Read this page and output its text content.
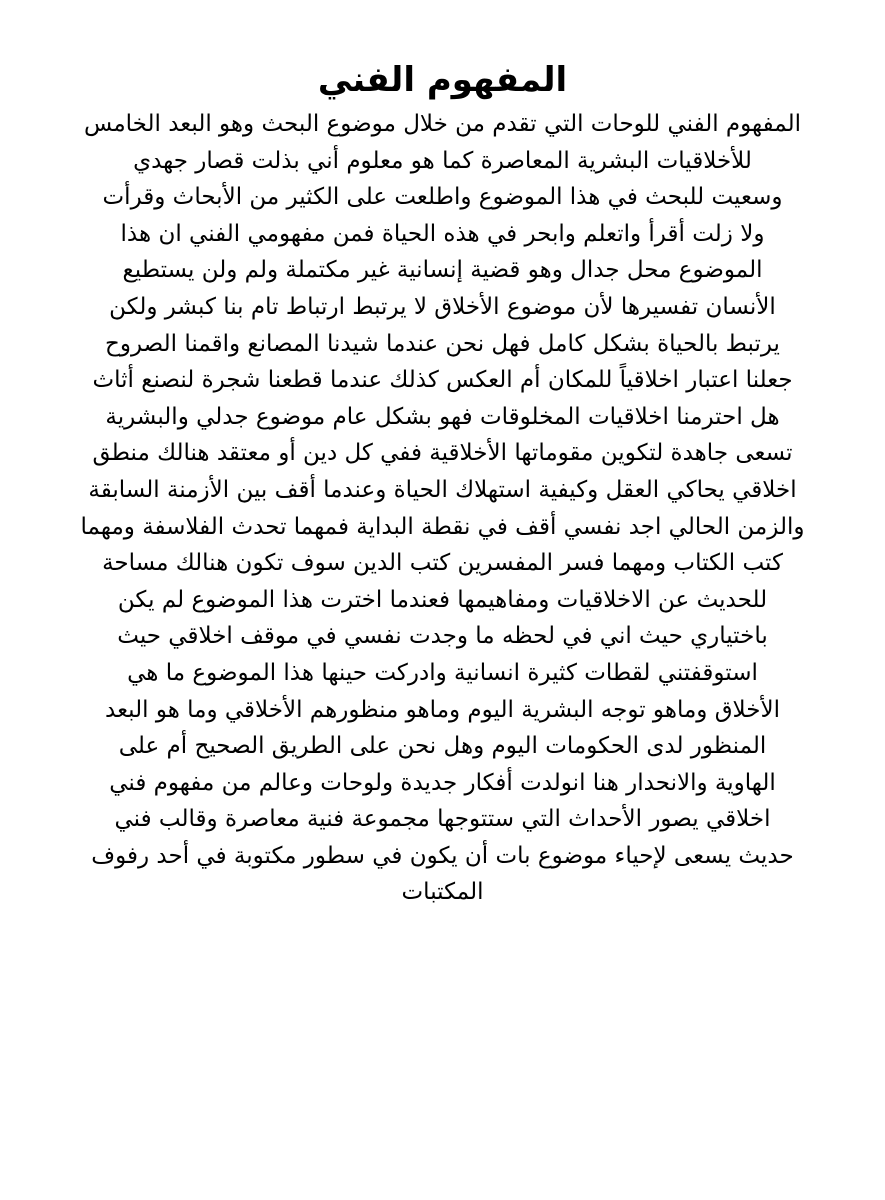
المفهوم الفني
المفهوم الفني للوحات التي تقدم من خلال موضوع البحث وهو البعد الخامس
للأخلاقيات البشرية المعاصرة كما هو معلوم أني بذلت قصار جهدي
وسعيت للبحث في هذا الموضوع واطلعت على الكثير من الأبحاث وقرأت
ولا زلت أقرأ واتعلم وابحر في هذه الحياة فمن مفهومي الفني ان هذا
الموضوع محل جدال وهو قضية إنسانية غير مكتملة ولم ولن يستطيع
الأنسان تفسيرها لأن موضوع الأخلاق لا يرتبط ارتباط تام بنا كبشر ولكن
يرتبط بالحياة بشكل كامل فهل نحن عندما شيدنا المصانع واقمنا الصروح
جعلنا اعتبار اخلاقياً للمكان أم العكس كذلك عندما قطعنا شجرة لنصنع أثاث
هل احترمنا اخلاقيات المخلوقات فهو بشكل عام موضوع جدلي والبشرية
تسعى جاهدة لتكوين مقوماتها الأخلاقية ففي كل دين أو معتقد هنالك منطق
اخلاقي يحاكي العقل وكيفية استهلاك الحياة وعندما أقف بين الأزمنة السابقة
والزمن الحالي اجد نفسي أقف في نقطة البداية فمهما تحدث الفلاسفة ومهما
كتب الكتاب ومهما فسر المفسرين كتب الدين سوف تكون هنالك مساحة
للحديث عن الاخلاقيات ومفاهيمها فعندما اخترت هذا الموضوع لم يكن
باختياري حيث اني في لحظه ما وجدت نفسي في موقف اخلاقي حيث
استوقفتني لقطات كثيرة انسانية وادركت حينها هذا الموضوع ما هي
الأخلاق وماهو توجه البشرية اليوم وماهو منظورهم الأخلاقي وما هو البعد
المنظور لدى الحكومات اليوم وهل نحن على الطريق الصحيح أم على
الهاوية والانحدار هنا انولدت أفكار جديدة ولوحات وعالم من مفهوم فني
اخلاقي يصور الأحداث التي ستتوجها مجموعة فنية معاصرة وقالب فني
حديث يسعى لإحياء موضوع بات أن يكون في سطور مكتوبة في أحد رفوف
المكتبات
